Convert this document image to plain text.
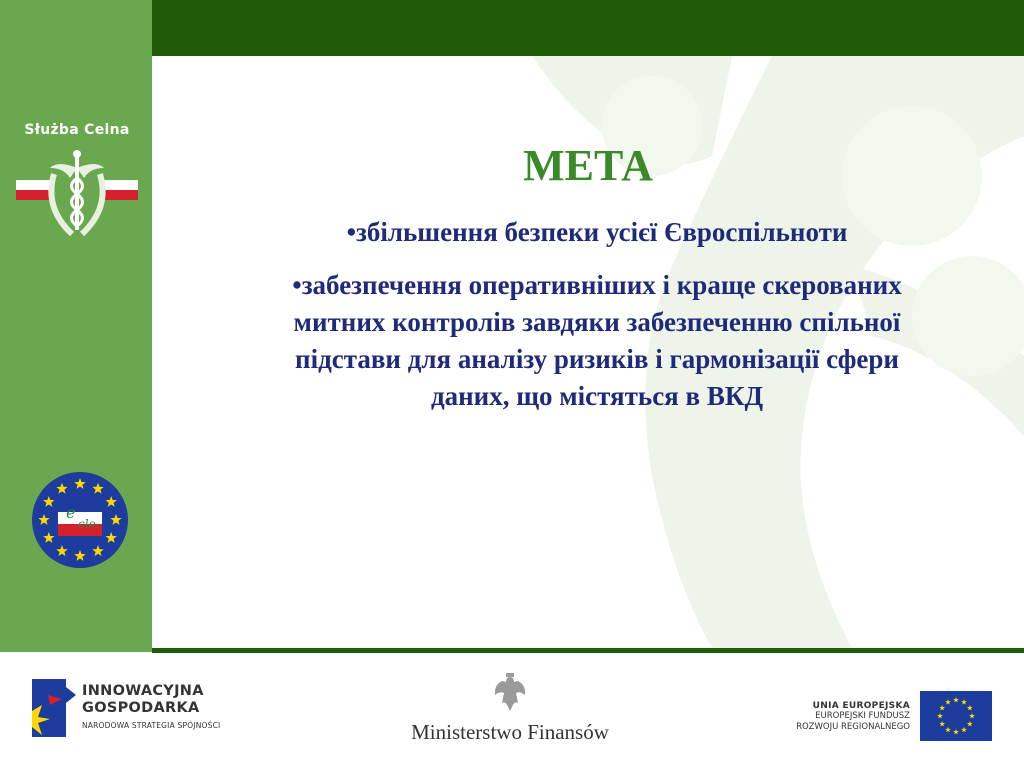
Służba Celna
e
clo
МЕТА
•збільшення безпеки усієї Євроспільноти
•забезпечення оперативніших і краще скерованих митних контролів завдяки забезпеченню спільної підстави для аналізу ризиків і гармонізації сфери даних, що містяться в ВКД
INNOWACYJNA
GOSPODARKA
NARODOWA STRATEGIA SPÓJNOŚCI	Ministerstwo Finansów
UNIA EUROPEJSKA
EUROPEJSKI FUNDUSZ
ROZWOJU REGIONALNEGO
